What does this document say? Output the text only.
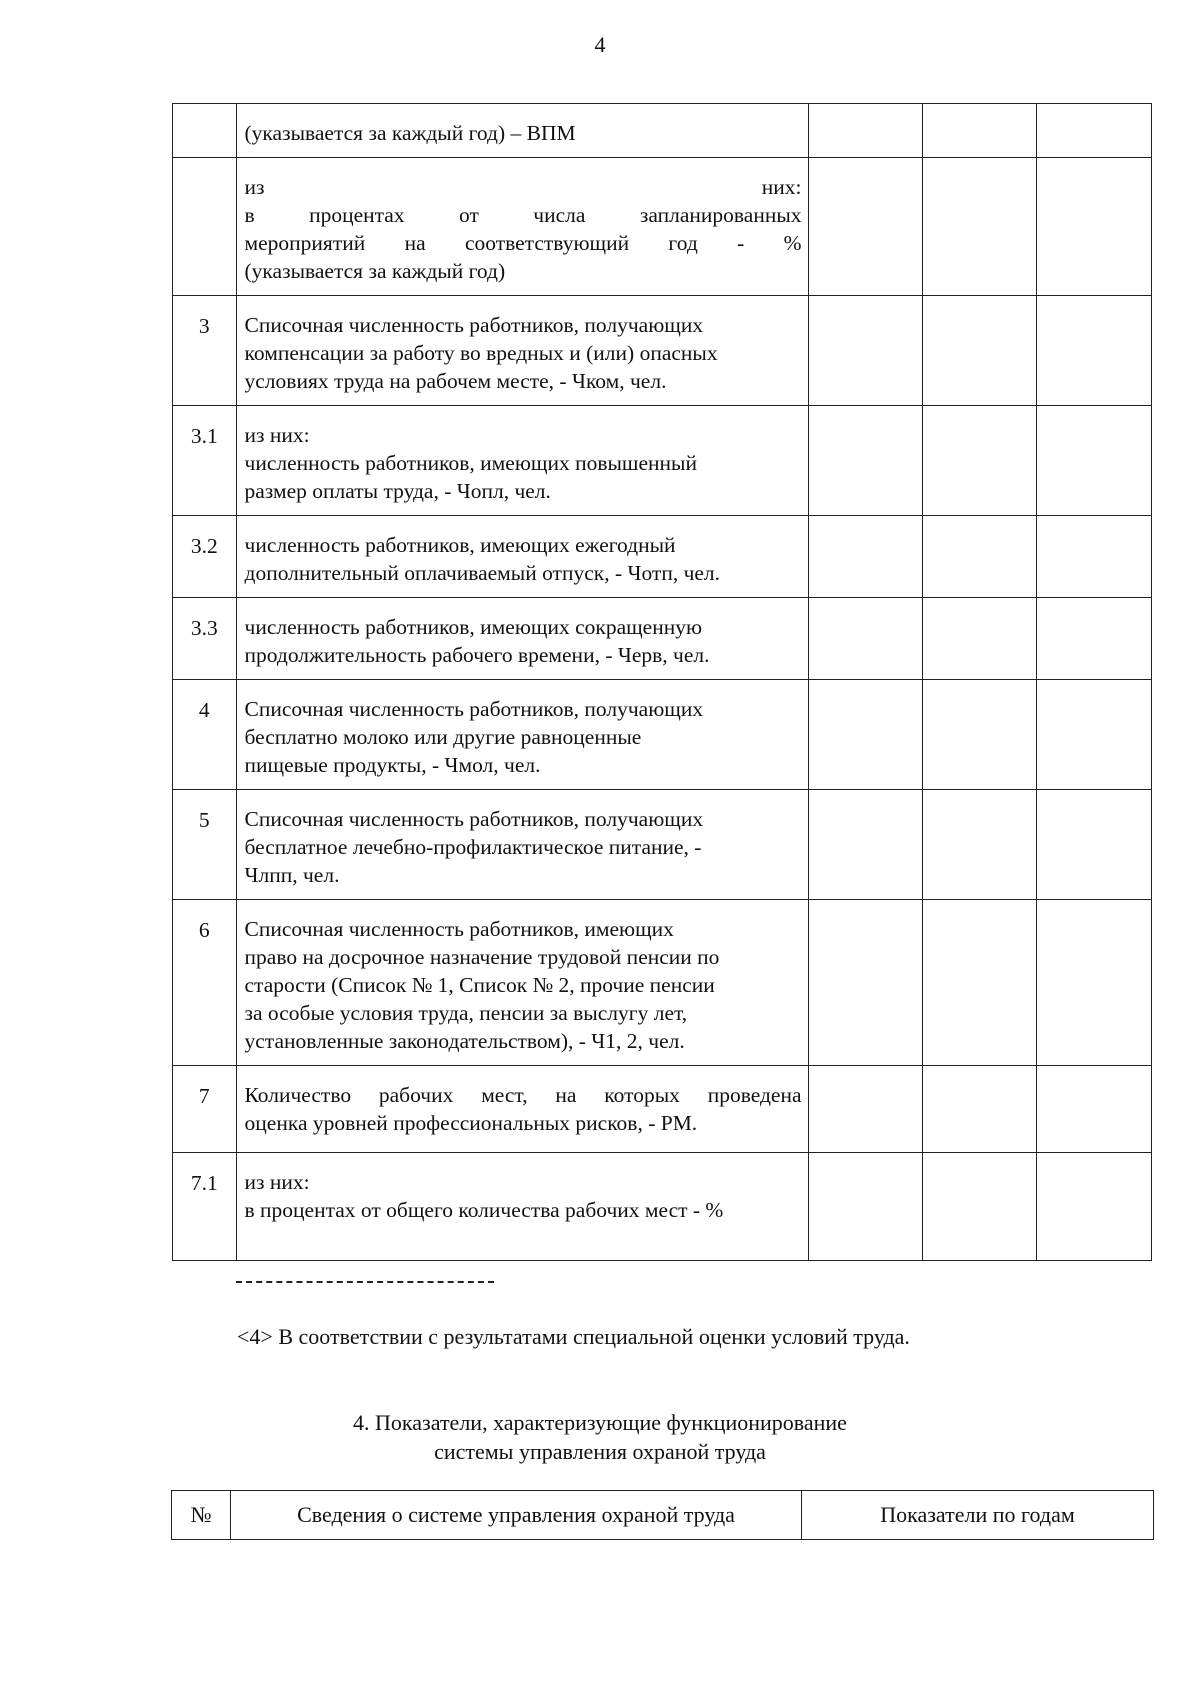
4

	(указывается за каждый год) – ВПМ			

	из них:
в процентах от числа запланированных
мероприятий на соответствующий год - %
(указывается за каждый год)			

3	Списочная численность работников, получающих
компенсации за работу во вредных и (или) опасных
условиях труда на рабочем месте, - Чком, чел.			

3.1	из них:
численность работников, имеющих повышенный
размер оплаты труда, - Чопл, чел.			

3.2	численность работников, имеющих ежегодный
дополнительный оплачиваемый отпуск, - Чотп, чел.			

3.3	численность работников, имеющих сокращенную
продолжительность рабочего времени, - Черв, чел.			

4	Списочная численность работников, получающих
бесплатно молоко или другие равноценные
пищевые продукты, - Чмол, чел.			

5	Списочная численность работников, получающих
бесплатное лечебно-профилактическое питание, -
Члпп, чел.			

6	Списочная численность работников, имеющих
право на досрочное назначение трудовой пенсии по
старости (Список № 1, Список № 2, прочие пенсии
за особые условия труда, пенсии за выслугу лет,
установленные законодательством), - Ч1, 2, чел.			

7	Количество рабочих мест, на которых проведена
оценка уровней профессиональных рисков, - РМ.			

7.1	из них:
в процентах от общего количества рабочих мест - %			

<4> В соответствии с результатами специальной оценки условий труда.
4. Показатели, характеризующие функционирование
системы управления охраной труда
№	Сведения о системе управления охраной труда	Показатели по годам
